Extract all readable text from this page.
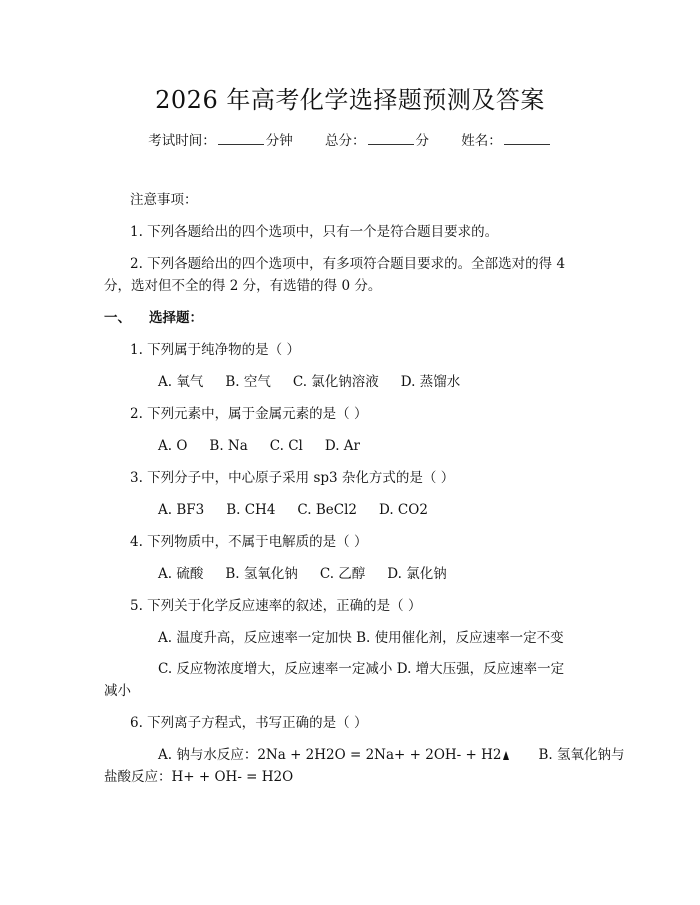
2026 年高考化学选择题预测及答案
考试时间：	分钟 总分：	分 姓名：
注意事项：
1. 下列各题给出的四个选项中，只有一个是符合题目要求的。
2. 下列各题给出的四个选项中，有多项符合题目要求的。全部选对的得 4
分，选对但不全的得 2 分，有选错的得 0 分。
一、 选择题：
1. 下列属于纯净物的是（ ）
A. 氧气 B. 空气 C. 氯化钠溶液 D. 蒸馏水
2. 下列元素中，属于金属元素的是（ ）
A. O B. Na C. Cl D. Ar
3. 下列分子中，中心原子采用 sp3 杂化方式的是（ ）
A. BF3 B. CH4 C. BeCl2 D. CO2
4. 下列物质中，不属于电解质的是（ ）
A. 硫酸 B. 氢氧化钠 C. 乙醇 D. 氯化钠
5. 下列关于化学反应速率的叙述，正确的是（ ）
A. 温度升高，反应速率一定加快 B. 使用催化剂，反应速率一定不变
C. 反应物浓度增大，反应速率一定减小 D. 增大压强，反应速率一定
减小
6. 下列离子方程式，书写正确的是（ ）
A. 钠与水反应：2Na + 2H2O = 2Na+ + 2OH- + H2	B. 氢氧化钠与
盐酸反应：H+ + OH- = H2O
